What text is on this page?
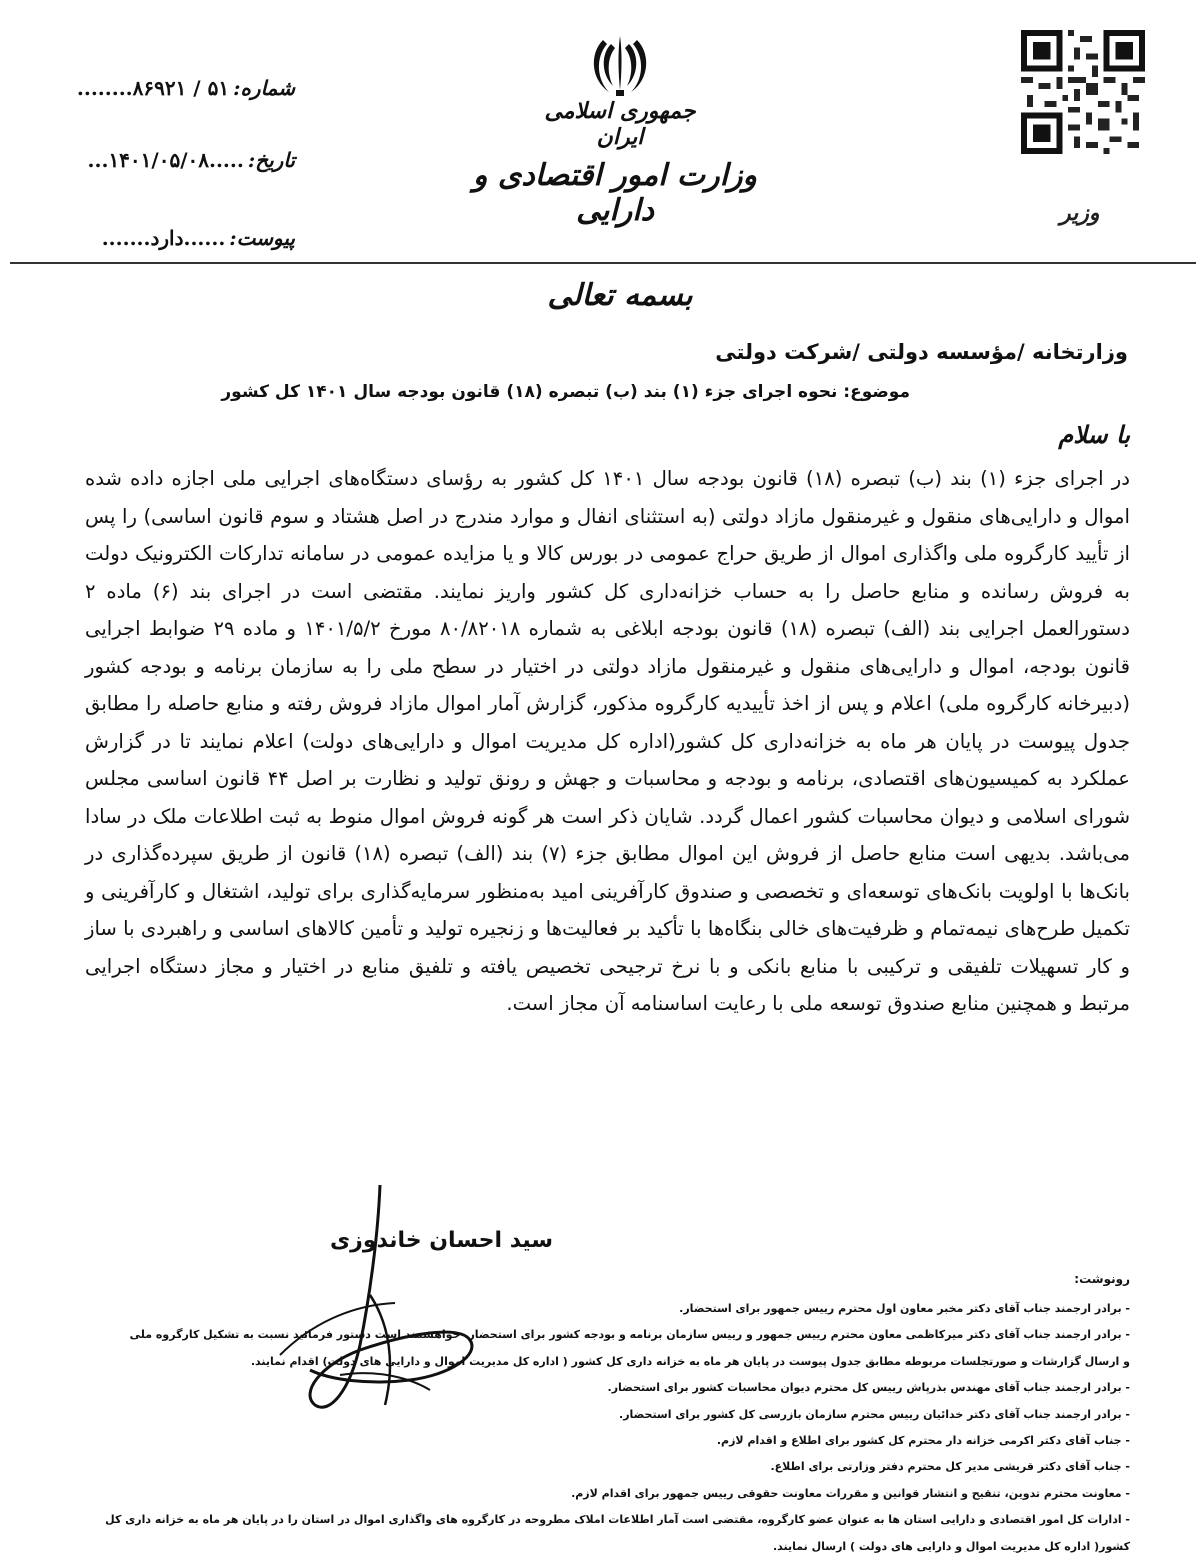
شماره:۵۱ / ۸۶۹۲۱........
تاریخ:.....۱۴۰۱/۰۵/۰۸...
پیوست:......دارد.......
جمهوری اسلامی ایران
وزارت امور اقتصادی و دارایی	وزیر
بسمه تعالی
وزارتخانه /مؤسسه دولتی /شرکت دولتی
موضوع: نحوه اجرای جزء (۱) بند (ب) تبصره (۱۸) قانون بودجه سال ۱۴۰۱ کل کشور
با سلام
در اجرای جزء (۱) بند (ب) تبصره (۱۸) قانون بودجه سال ۱۴۰۱ کل کشور به رؤسای دستگاه‌های اجرایی ملی اجازه داده شده اموال و دارایی‌های منقول و غیرمنقول مازاد دولتی (به استثنای انفال و موارد مندرج در اصل هشتاد و سوم قانون اساسی) را پس از تأیید کارگروه ملی واگذاری اموال از طریق حراج عمومی در بورس کالا و یا مزایده عمومی در سامانه تدارکات الکترونیک دولت به فروش رسانده و منابع حاصل را به حساب خزانه‌داری کل کشور واریز نمایند. مقتضی است در اجرای بند (۶) ماده ۲ دستورالعمل اجرایی بند (الف) تبصره (۱۸) قانون بودجه ابلاغی به شماره ۸۰/۸۲۰۱۸ مورخ ۱۴۰۱/۵/۲ و ماده ۲۹ ضوابط اجرایی قانون بودجه، اموال و دارایی‌های منقول و غیرمنقول مازاد دولتی در اختیار در سطح ملی را به سازمان برنامه و بودجه کشور (دبیرخانه کارگروه ملی) اعلام و پس از اخذ تأییدیه کارگروه مذکور، گزارش آمار اموال مازاد فروش رفته و منابع حاصله را مطابق جدول پیوست در پایان هر ماه به خزانه‌داری کل کشور(اداره کل مدیریت اموال و دارایی‌های دولت) اعلام نمایند تا در گزارش عملکرد به کمیسیون‌های اقتصادی، برنامه و بودجه و محاسبات و جهش و رونق تولید و نظارت بر اصل ۴۴ قانون اساسی مجلس شورای اسلامی و دیوان محاسبات کشور اعمال گردد. شایان ذکر است هر گونه فروش اموال منوط به ثبت اطلاعات ملک در سادا می‌باشد. بدیهی است منابع حاصل از فروش این اموال مطابق جزء (۷) بند (الف) تبصره (۱۸) قانون از طریق سپرده‌گذاری در بانک‌ها با اولویت بانک‌های توسعه‌ای و تخصصی و صندوق کارآفرینی امید به‌منظور سرمایه‌گذاری برای تولید، اشتغال و کارآفرینی و تکمیل طرح‌های نیمه‌تمام و ظرفیت‌های خالی بنگاه‌ها با تأکید بر فعالیت‌ها و زنجیره تولید و تأمین کالاهای اساسی و راهبردی با ساز و کار تسهیلات تلفیقی و ترکیبی با منابع بانکی و با نرخ ترجیحی تخصیص یافته و تلفیق منابع در اختیار و مجاز دستگاه اجرایی مرتبط و همچنین منابع صندوق توسعه ملی با رعایت اساسنامه آن مجاز است.
سید احسان خاندوزی
رونوشت:
- برادر ارجمند جناب آقای دکتر مخبر معاون اول محترم رییس جمهور برای استحضار.
- برادر ارجمند جناب آقای دکتر میرکاظمی معاون محترم رییس جمهور و رییس سازمان برنامه و بودجه کشور برای استحضار. خواهشمند است دستور فرمائید نسبت به تشکیل کارگروه ملی
و ارسال گزارشات و صورتجلسات مربوطه مطابق جدول پیوست در پایان هر ماه به خزانه داری کل کشور ( اداره کل مدیریت اموال و دارایی های دولت) اقدام نمایند.
- برادر ارجمند جناب آقای مهندس بذرپاش رییس کل محترم دیوان محاسبات کشور برای استحضار.
- برادر ارجمند جناب آقای دکتر خدائیان رییس محترم سازمان بازرسی کل کشور برای استحضار.
- جناب آقای دکتر اکرمی خزانه دار محترم کل کشور برای اطلاع و اقدام لازم.
- جناب آقای دکتر قریشی مدیر کل محترم دفتر وزارتی برای اطلاع.
- معاونت محترم تدوین، تنقیح و انتشار قوانین و مقررات معاونت حقوقی رییس جمهور برای اقدام لازم.
- ادارات کل امور اقتصادی و دارایی استان ها به عنوان عضو کارگروه، مقتضی است آمار اطلاعات املاک مطروحه در کارگروه های واگذاری اموال در استان را در پایان هر ماه به خزانه داری کل
کشور( اداره کل مدیریت اموال و دارایی های دولت ) ارسال نمایند.
